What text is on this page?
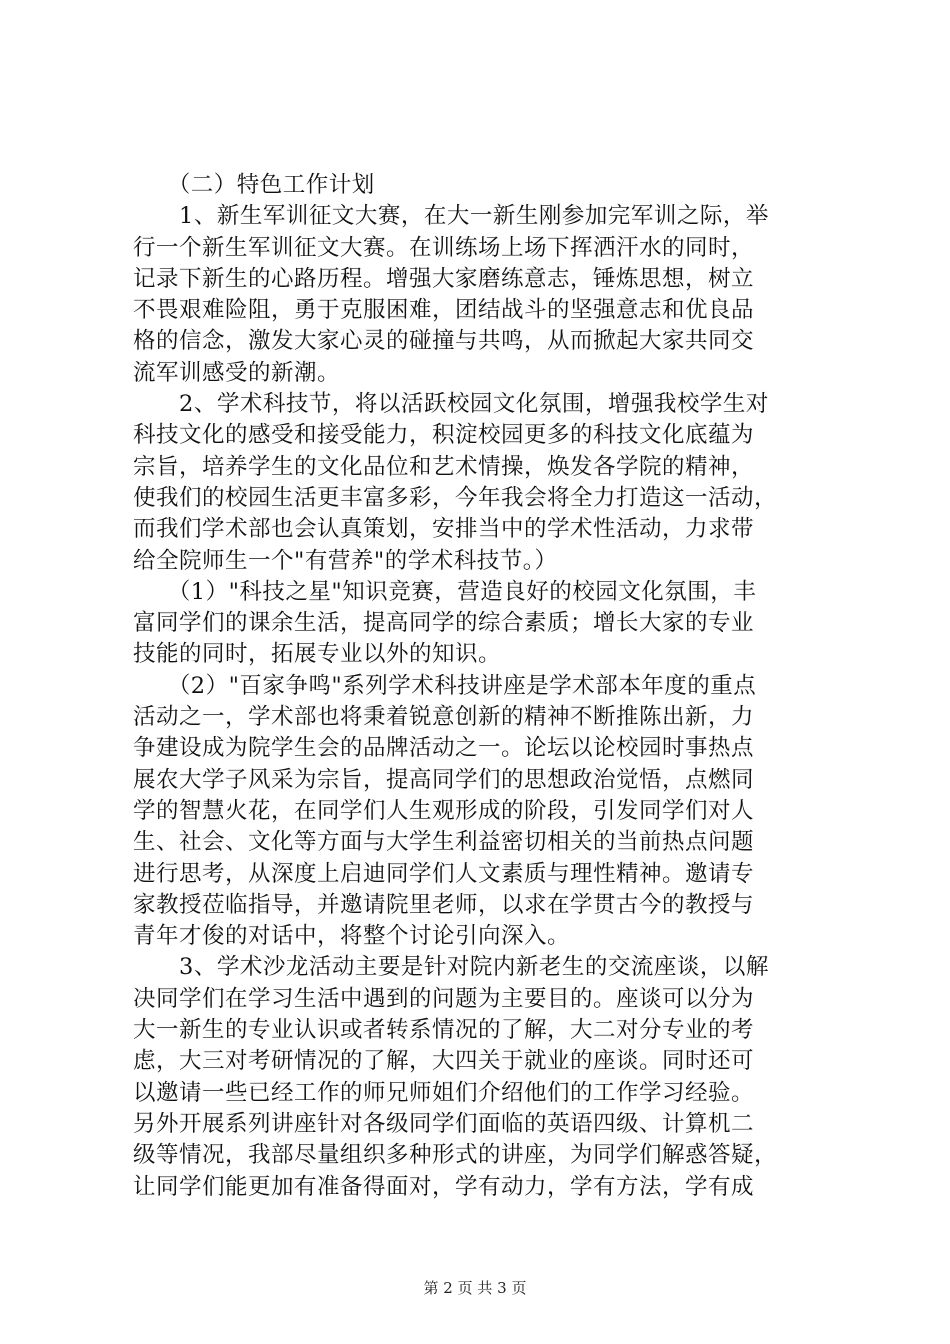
　　（二）特色工作计划
　　1、新生军训征文大赛，在大一新生刚参加完军训之际，举
行一个新生军训征文大赛。在训练场上场下挥洒汗水的同时，
记录下新生的心路历程。增强大家磨练意志，锤炼思想，树立
不畏艰难险阻，勇于克服困难，团结战斗的坚强意志和优良品
格的信念，激发大家心灵的碰撞与共鸣，从而掀起大家共同交
流军训感受的新潮。
　　2、学术科技节，将以活跃校园文化氛围，增强我校学生对
科技文化的感受和接受能力，积淀校园更多的科技文化底蕴为
宗旨，培养学生的文化品位和艺术情操，焕发各学院的精神，
使我们的校园生活更丰富多彩，今年我会将全力打造这一活动，
而我们学术部也会认真策划，安排当中的学术性活动，力求带
给全院师生一个"有营养"的学术科技节。）
　　（1）"科技之星"知识竞赛，营造良好的校园文化氛围，丰
富同学们的课余生活，提高同学的综合素质；增长大家的专业
技能的同时，拓展专业以外的知识。
　　（2）"百家争鸣"系列学术科技讲座是学术部本年度的重点
活动之一，学术部也将秉着锐意创新的精神不断推陈出新，力
争建设成为院学生会的品牌活动之一。论坛以论校园时事热点
展农大学子风采为宗旨，提高同学们的思想政治觉悟，点燃同
学的智慧火花，在同学们人生观形成的阶段，引发同学们对人
生、社会、文化等方面与大学生利益密切相关的当前热点问题
进行思考，从深度上启迪同学们人文素质与理性精神。邀请专
家教授莅临指导，并邀请院里老师，以求在学贯古今的教授与
青年才俊的对话中，将整个讨论引向深入。
　　3、学术沙龙活动主要是针对院内新老生的交流座谈，以解
决同学们在学习生活中遇到的问题为主要目的。座谈可以分为
大一新生的专业认识或者转系情况的了解，大二对分专业的考
虑，大三对考研情况的了解，大四关于就业的座谈。同时还可
以邀请一些已经工作的师兄师姐们介绍他们的工作学习经验。
另外开展系列讲座针对各级同学们面临的英语四级、计算机二
级等情况，我部尽量组织多种形式的讲座，为同学们解惑答疑，
让同学们能更加有准备得面对，学有动力，学有方法，学有成
第 2 页 共 3 页
